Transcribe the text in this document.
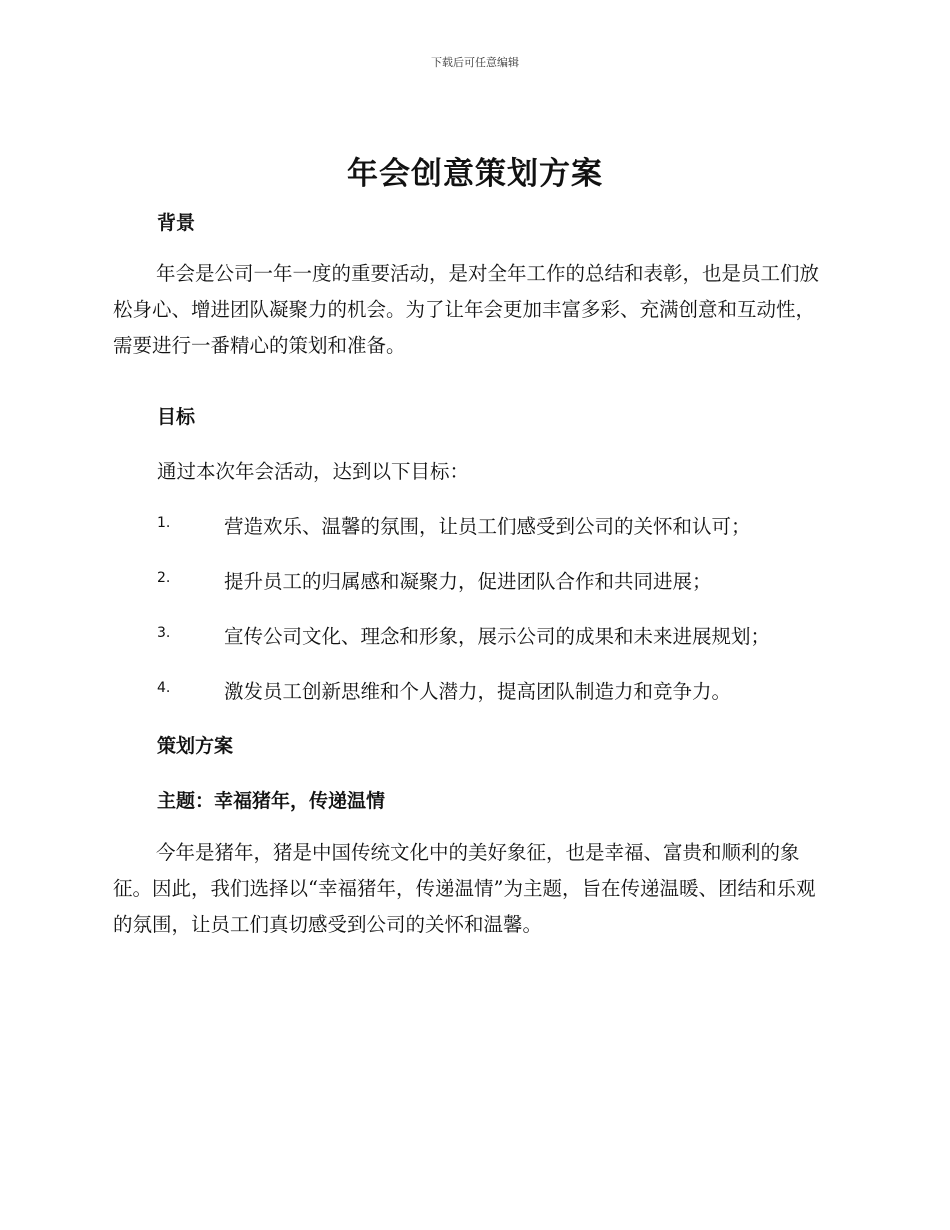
下载后可任意编辑
年会创意策划方案
背景

年会是公司一年一度的重要活动，是对全年工作的总结和表彰，也是员工们放松身心、增进团队凝聚力的机会。为了让年会更加丰富多彩、充满创意和互动性，需要进行一番精心的策划和准备。

目标

通过本次年会活动，达到以下目标：

1.	营造欢乐、温馨的氛围，让员工们感受到公司的关怀和认可；
2.	提升员工的归属感和凝聚力，促进团队合作和共同进展；
3.	宣传公司文化、理念和形象，展示公司的成果和未来进展规划；
4.	激发员工创新思维和个人潜力，提高团队制造力和竞争力。
策划方案
主题：幸福猪年，传递温情

今年是猪年，猪是中国传统文化中的美好象征，也是幸福、富贵和顺利的象征。因此，我们选择以“幸福猪年，传递温情”为主题，旨在传递温暖、团结和乐观的氛围，让员工们真切感受到公司的关怀和温馨。
